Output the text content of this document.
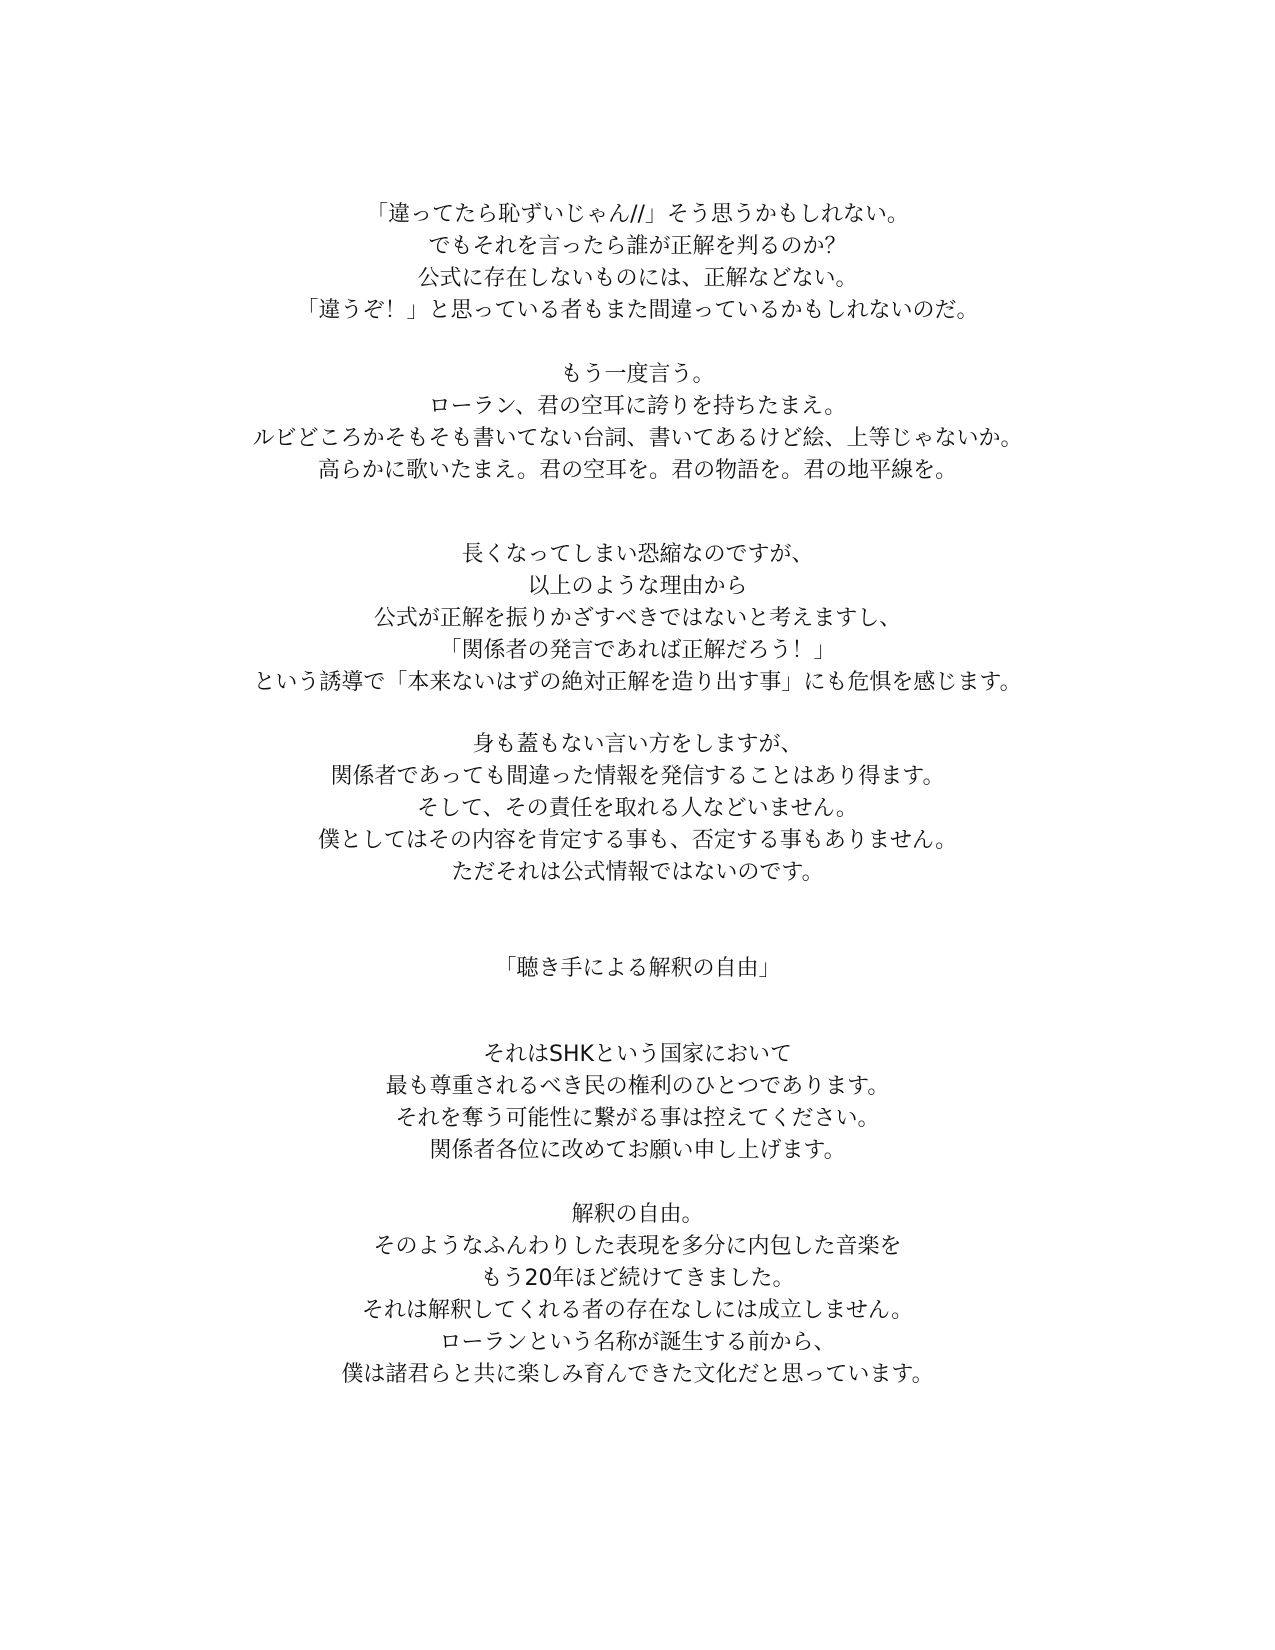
「違ってたら恥ずいじゃん//」そう思うかもしれない。
でもそれを言ったら誰が正解を判るのか？
公式に存在しないものには、正解などない。
「違うぞ！」と思っている者もまた間違っているかもしれないのだ。
もう一度言う。
ローラン、君の空耳に誇りを持ちたまえ。
ルビどころかそもそも書いてない台詞、書いてあるけど絵、上等じゃないか。
高らかに歌いたまえ。君の空耳を。君の物語を。君の地平線を。
長くなってしまい恐縮なのですが、
以上のような理由から
公式が正解を振りかざすべきではないと考えますし、
「関係者の発言であれば正解だろう！」
という誘導で「本来ないはずの絶対正解を造り出す事」にも危惧を感じます。
身も蓋もない言い方をしますが、
関係者であっても間違った情報を発信することはあり得ます。
そして、その責任を取れる人などいません。
僕としてはその内容を肯定する事も、否定する事もありません。
ただそれは公式情報ではないのです。
「聴き手による解釈の自由」
それはSHKという国家において
最も尊重されるべき民の権利のひとつであります。
それを奪う可能性に繋がる事は控えてください。
関係者各位に改めてお願い申し上げます。
解釈の自由。
そのようなふんわりした表現を多分に内包した音楽を
もう20年ほど続けてきました。
それは解釈してくれる者の存在なしには成立しません。
ローランという名称が誕生する前から、
僕は諸君らと共に楽しみ育んできた文化だと思っています。
